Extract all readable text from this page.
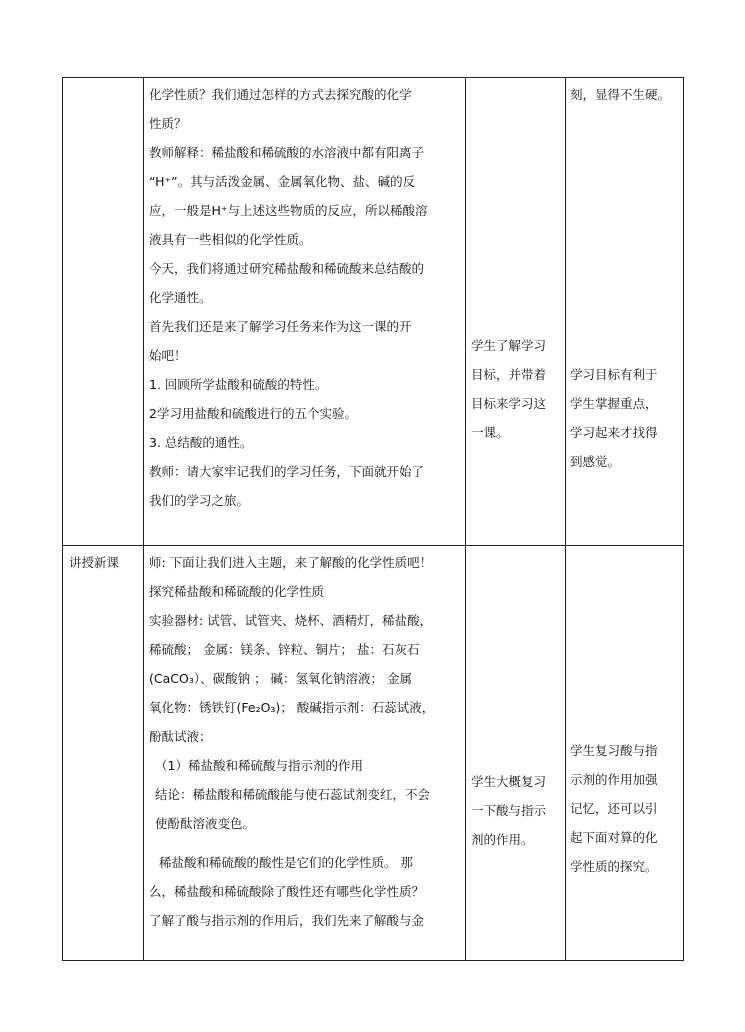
化学性质？我们通过怎样的方式去探究酸的化学
性质？
教师解释：稀盐酸和稀硫酸的水溶液中都有阳离子
“H⁺”。其与活泼金属、金属氧化物、盐、碱的反
应，一般是H⁺与上述这些物质的反应，所以稀酸溶
液具有一些相似的化学性质。
今天，我们将通过研究稀盐酸和稀硫酸来总结酸的
化学通性。
首先我们还是来了解学习任务来作为这一课的开
始吧！
1. 回顾所学盐酸和硫酸的特性。
2学习用盐酸和硫酸进行的五个实验。
3. 总结酸的通性。
教师：请大家牢记我们的学习任务，下面就开始了
我们的学习之旅。
学生了解学习
目标，并带着
目标来学习这
一课。
刻，显得不生硬。
学习目标有利于
学生掌握重点，
学习起来才找得
到感觉。
讲授新课	师: 下面让我们进入主题，来了解酸的化学性质吧！
探究稀盐酸和稀硫酸的化学性质
实验器材: 试管、试管夹、烧杯、酒精灯，稀盐酸，
稀硫酸； 金属：镁条、锌粒、铜片； 盐：石灰石
(CaCO₃）、碳酸钠 ； 碱：氢氧化钠溶液； 金属
氧化物：锈铁钉(Fe₂O₃)； 酸碱指示剂：石蕊试液，
酚酞试液；
（1）稀盐酸和稀硫酸与指示剂的作用
结论：稀盐酸和稀硫酸能与使石蕊试剂变红，不会
使酚酞溶液变色。
稀盐酸和稀硫酸的酸性是它们的化学性质。 那
么，稀盐酸和稀硫酸除了酸性还有哪些化学性质？
了解了酸与指示剂的作用后，我们先来了解酸与金
学生大概复习
一下酸与指示
剂的作用。
学生复习酸与指
示剂的作用加强
记忆，还可以引
起下面对算的化
学性质的探究。
